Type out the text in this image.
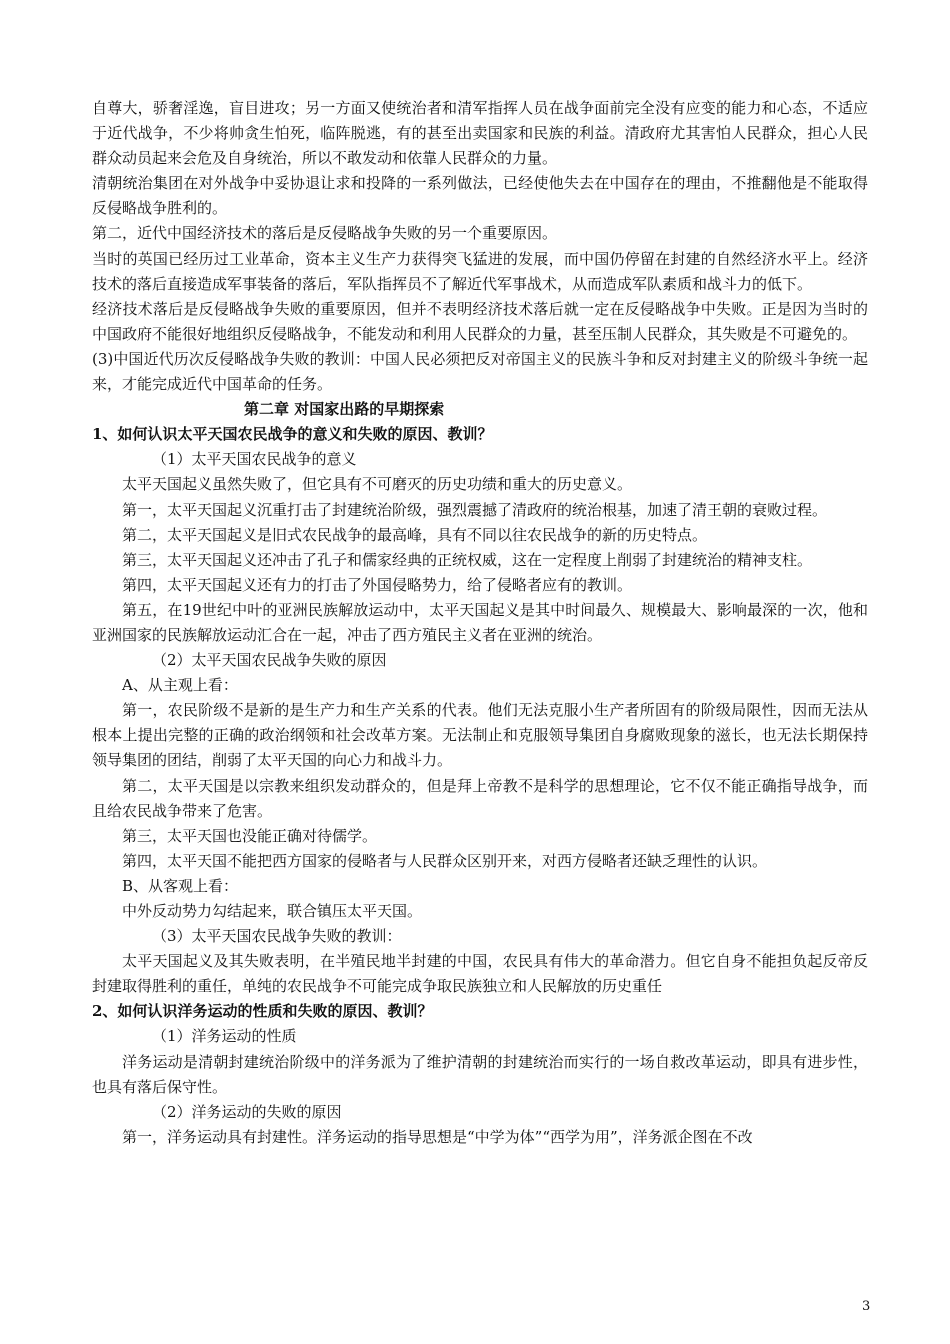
自尊大，骄奢淫逸，盲目进攻；另一方面又使统治者和清军指挥人员在战争面前完全没有应变的能力和心态，不适应于近代战争，不少将帅贪生怕死，临阵脱逃，有的甚至出卖国家和民族的利益。清政府尤其害怕人民群众，担心人民群众动员起来会危及自身统治，所以不敢发动和依靠人民群众的力量。

清朝统治集团在对外战争中妥协退让求和投降的一系列做法，已经使他失去在中国存在的理由，不推翻他是不能取得反侵略战争胜利的。

第二，近代中国经济技术的落后是反侵略战争失败的另一个重要原因。

当时的英国已经历过工业革命，资本主义生产力获得突飞猛进的发展，而中国仍停留在封建的自然经济水平上。经济技术的落后直接造成军事装备的落后，军队指挥员不了解近代军事战术，从而造成军队素质和战斗力的低下。

经济技术落后是反侵略战争失败的重要原因，但并不表明经济技术落后就一定在反侵略战争中失败。正是因为当时的中国政府不能很好地组织反侵略战争，不能发动和利用人民群众的力量，甚至压制人民群众，其失败是不可避免的。

(3)中国近代历次反侵略战争失败的教训：中国人民必须把反对帝国主义的民族斗争和反对封建主义的阶级斗争统一起来，才能完成近代中国革命的任务。

第二章 对国家出路的早期探索

1、如何认识太平天国农民战争的意义和失败的原因、教训？

（1）太平天国农民战争的意义

太平天国起义虽然失败了，但它具有不可磨灭的历史功绩和重大的历史意义。

第一，太平天国起义沉重打击了封建统治阶级，强烈震撼了清政府的统治根基，加速了清王朝的衰败过程。

第二，太平天国起义是旧式农民战争的最高峰，具有不同以往农民战争的新的历史特点。

第三，太平天国起义还冲击了孔子和儒家经典的正统权威，这在一定程度上削弱了封建统治的精神支柱。

第四，太平天国起义还有力的打击了外国侵略势力，给了侵略者应有的教训。

第五，在19世纪中叶的亚洲民族解放运动中，太平天国起义是其中时间最久、规模最大、影响最深的一次，他和亚洲国家的民族解放运动汇合在一起，冲击了西方殖民主义者在亚洲的统治。

（2）太平天国农民战争失败的原因

A、从主观上看：

第一，农民阶级不是新的是生产力和生产关系的代表。他们无法克服小生产者所固有的阶级局限性，因而无法从根本上提出完整的正确的政治纲领和社会改革方案。无法制止和克服领导集团自身腐败现象的滋长，也无法长期保持领导集团的团结，削弱了太平天国的向心力和战斗力。

第二，太平天国是以宗教来组织发动群众的，但是拜上帝教不是科学的思想理论，它不仅不能正确指导战争，而且给农民战争带来了危害。

第三，太平天国也没能正确对待儒学。

第四，太平天国不能把西方国家的侵略者与人民群众区别开来，对西方侵略者还缺乏理性的认识。

B、从客观上看：

中外反动势力勾结起来，联合镇压太平天国。

（3）太平天国农民战争失败的教训：

太平天国起义及其失败表明，在半殖民地半封建的中国，农民具有伟大的革命潜力。但它自身不能担负起反帝反封建取得胜利的重任，单纯的农民战争不可能完成争取民族独立和人民解放的历史重任

2、如何认识洋务运动的性质和失败的原因、教训？

（1）洋务运动的性质

洋务运动是清朝封建统治阶级中的洋务派为了维护清朝的封建统治而实行的一场自救改革运动，即具有进步性，也具有落后保守性。

（2）洋务运动的失败的原因

第一，洋务运动具有封建性。洋务运动的指导思想是“中学为体”“西学为用”，洋务派企图在不改

3
